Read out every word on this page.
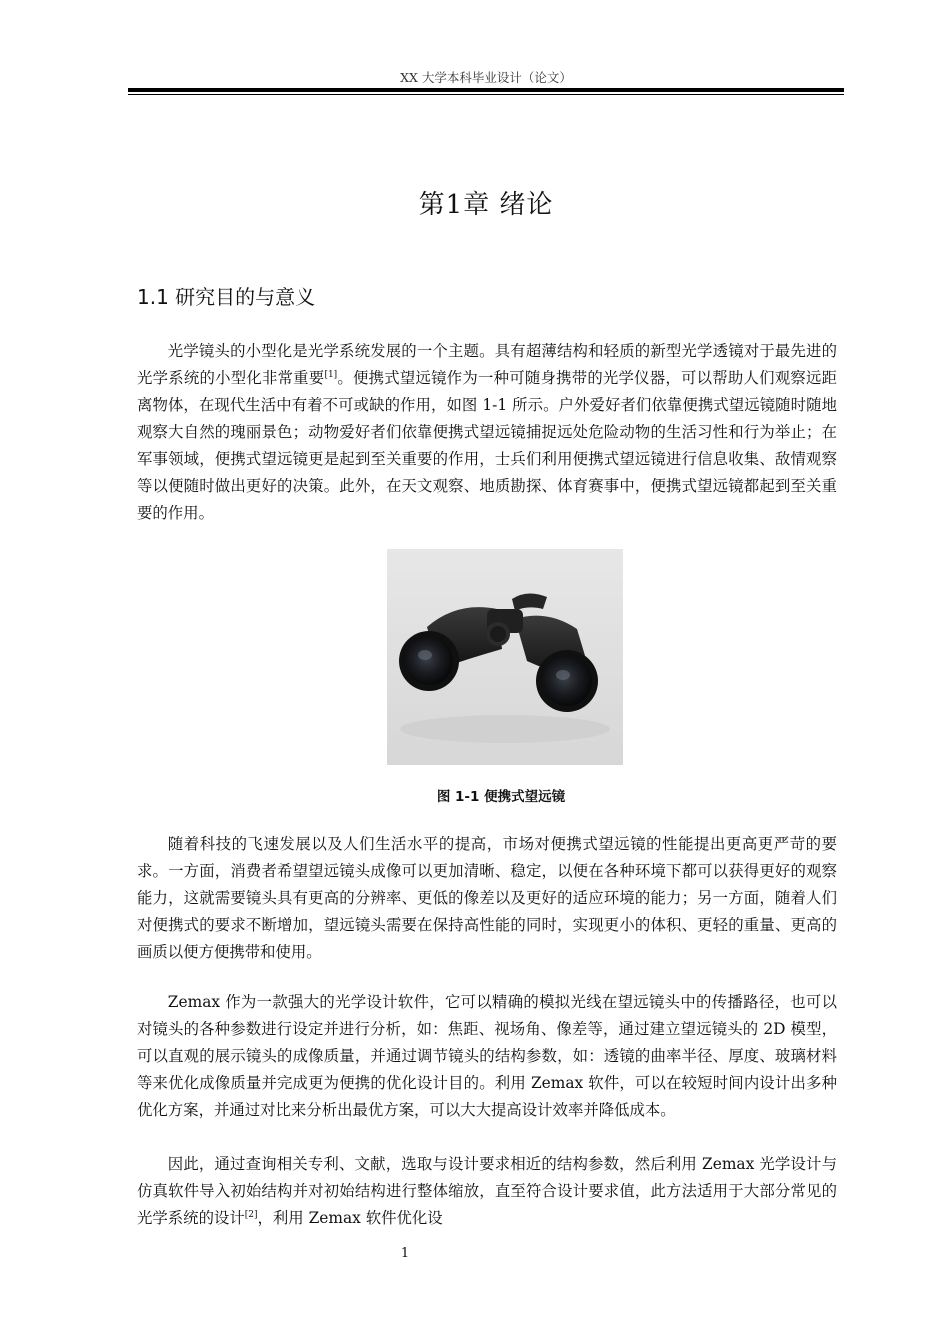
XX 大学本科毕业设计（论文）
第1章 绪论
1.1 研究目的与意义

光学镜头的小型化是光学系统发展的一个主题。具有超薄结构和轻质的新型光学透镜对于最先进的光学系统的小型化非常重要[1]。便携式望远镜作为一种可随身携带的光学仪器，可以帮助人们观察远距离物体，在现代生活中有着不可或缺的作用，如图 1-1 所示。户外爱好者们依靠便携式望远镜随时随地观察大自然的瑰丽景色；动物爱好者们依靠便携式望远镜捕捉远处危险动物的生活习性和行为举止；在军事领域，便携式望远镜更是起到至关重要的作用，士兵们利用便携式望远镜进行信息收集、敌情观察等以便随时做出更好的决策。此外，在天文观察、地质勘探、体育赛事中，便携式望远镜都起到至关重要的作用。

图 1-1 便携式望远镜

随着科技的飞速发展以及人们生活水平的提高，市场对便携式望远镜的性能提出更高更严苛的要求。一方面，消费者希望望远镜头成像可以更加清晰、稳定，以便在各种环境下都可以获得更好的观察能力，这就需要镜头具有更高的分辨率、更低的像差以及更好的适应环境的能力；另一方面，随着人们对便携式的要求不断增加，望远镜头需要在保持高性能的同时，实现更小的体积、更轻的重量、更高的画质以便方便携带和使用。

Zemax 作为一款强大的光学设计软件，它可以精确的模拟光线在望远镜头中的传播路径，也可以对镜头的各种参数进行设定并进行分析，如：焦距、视场角、像差等，通过建立望远镜头的 2D 模型，可以直观的展示镜头的成像质量，并通过调节镜头的结构参数，如：透镜的曲率半径、厚度、玻璃材料等来优化成像质量并完成更为便携的优化设计目的。利用 Zemax 软件，可以在较短时间内设计出多种优化方案，并通过对比来分析出最优方案，可以大大提高设计效率并降低成本。

因此，通过查询相关专利、文献，选取与设计要求相近的结构参数，然后利用 Zemax 光学设计与仿真软件导入初始结构并对初始结构进行整体缩放，直至符合设计要求值，此方法适用于大部分常见的光学系统的设计[2]，利用 Zemax 软件优化设

1
